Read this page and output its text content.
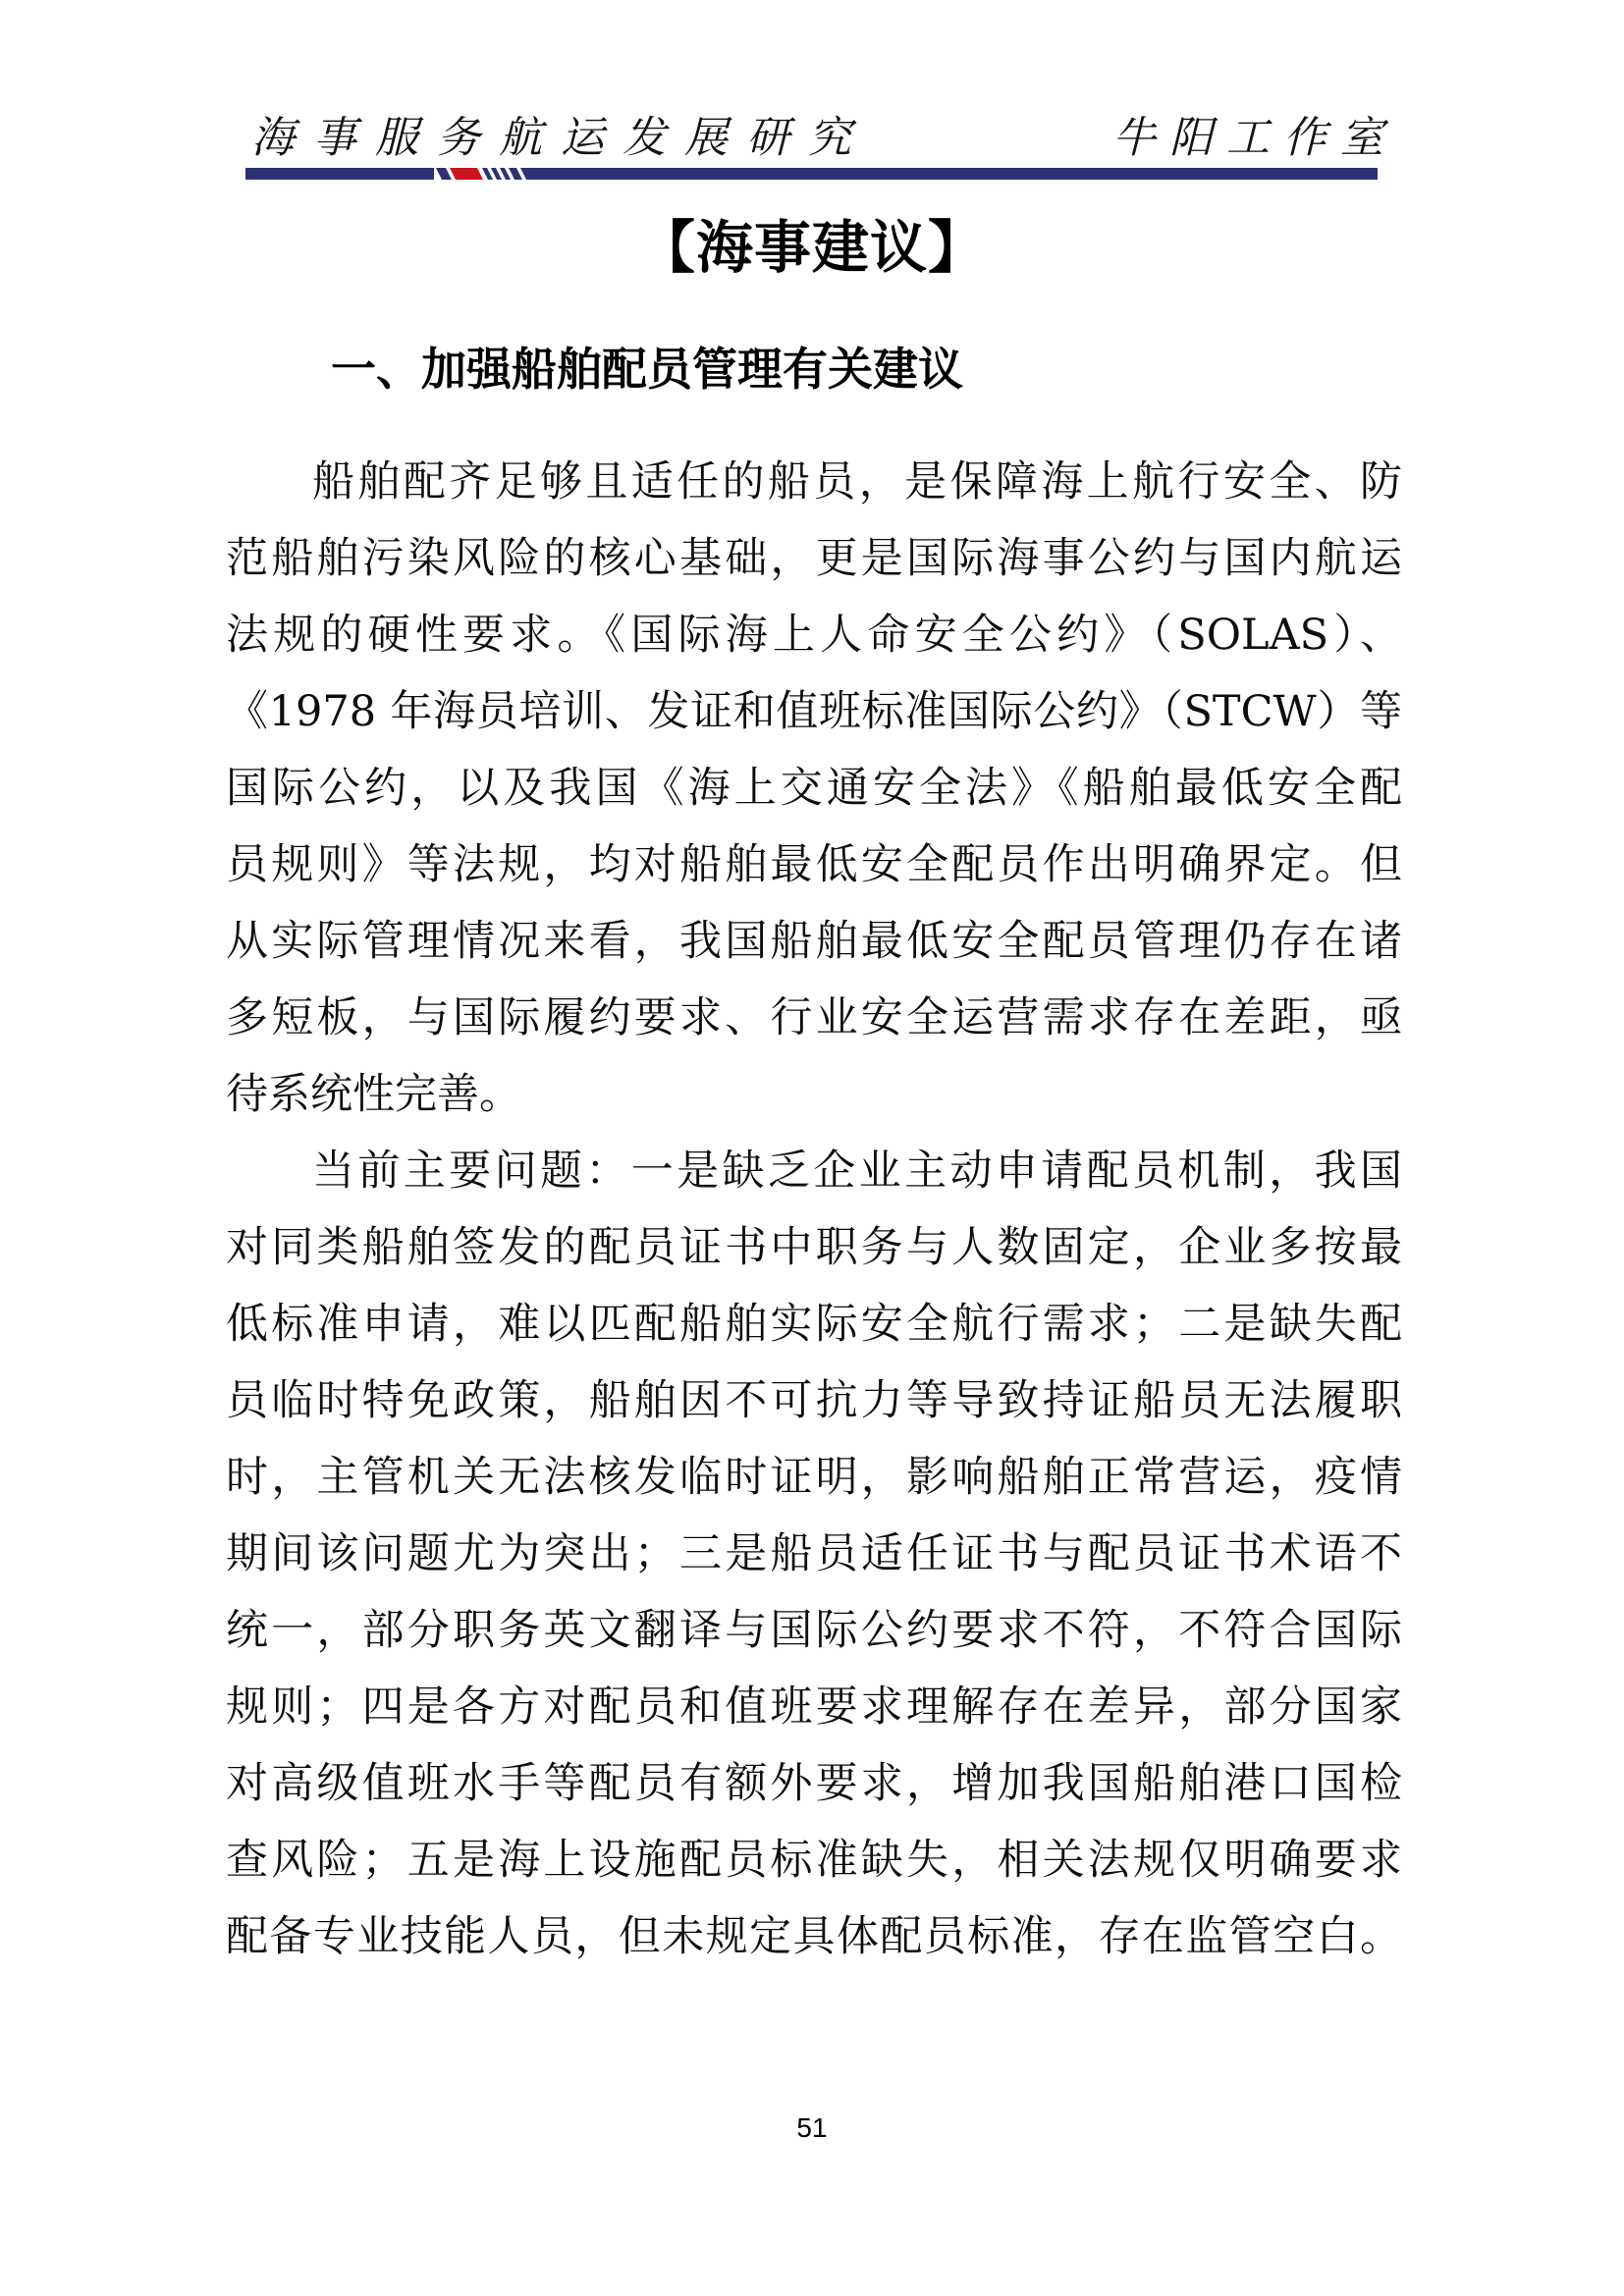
海事服务航运发展研究	牛阳工作室
【海事建议】
一、加强船舶配员管理有关建议
船舶配齐足够且适任的船员，是保障海上航行安全、防
范船舶污染风险的核心基础，更是国际海事公约与国内航运
法规的硬性要求。《国际海上人命安全公约》（SOLAS）、
《1978 年海员培训、发证和值班标准国际公约》（STCW）等
国际公约，以及我国《海上交通安全法》《船舶最低安全配
员规则》等法规，均对船舶最低安全配员作出明确界定。但
从实际管理情况来看，我国船舶最低安全配员管理仍存在诸
多短板，与国际履约要求、行业安全运营需求存在差距，亟
待系统性完善。
当前主要问题：一是缺乏企业主动申请配员机制，我国
对同类船舶签发的配员证书中职务与人数固定，企业多按最
低标准申请，难以匹配船舶实际安全航行需求；二是缺失配
员临时特免政策，船舶因不可抗力等导致持证船员无法履职
时，主管机关无法核发临时证明，影响船舶正常营运，疫情
期间该问题尤为突出；三是船员适任证书与配员证书术语不
统一，部分职务英文翻译与国际公约要求不符，不符合国际
规则；四是各方对配员和值班要求理解存在差异，部分国家
对高级值班水手等配员有额外要求，增加我国船舶港口国检
查风险；五是海上设施配员标准缺失，相关法规仅明确要求
配备专业技能人员，但未规定具体配员标准，存在监管空白。
51
